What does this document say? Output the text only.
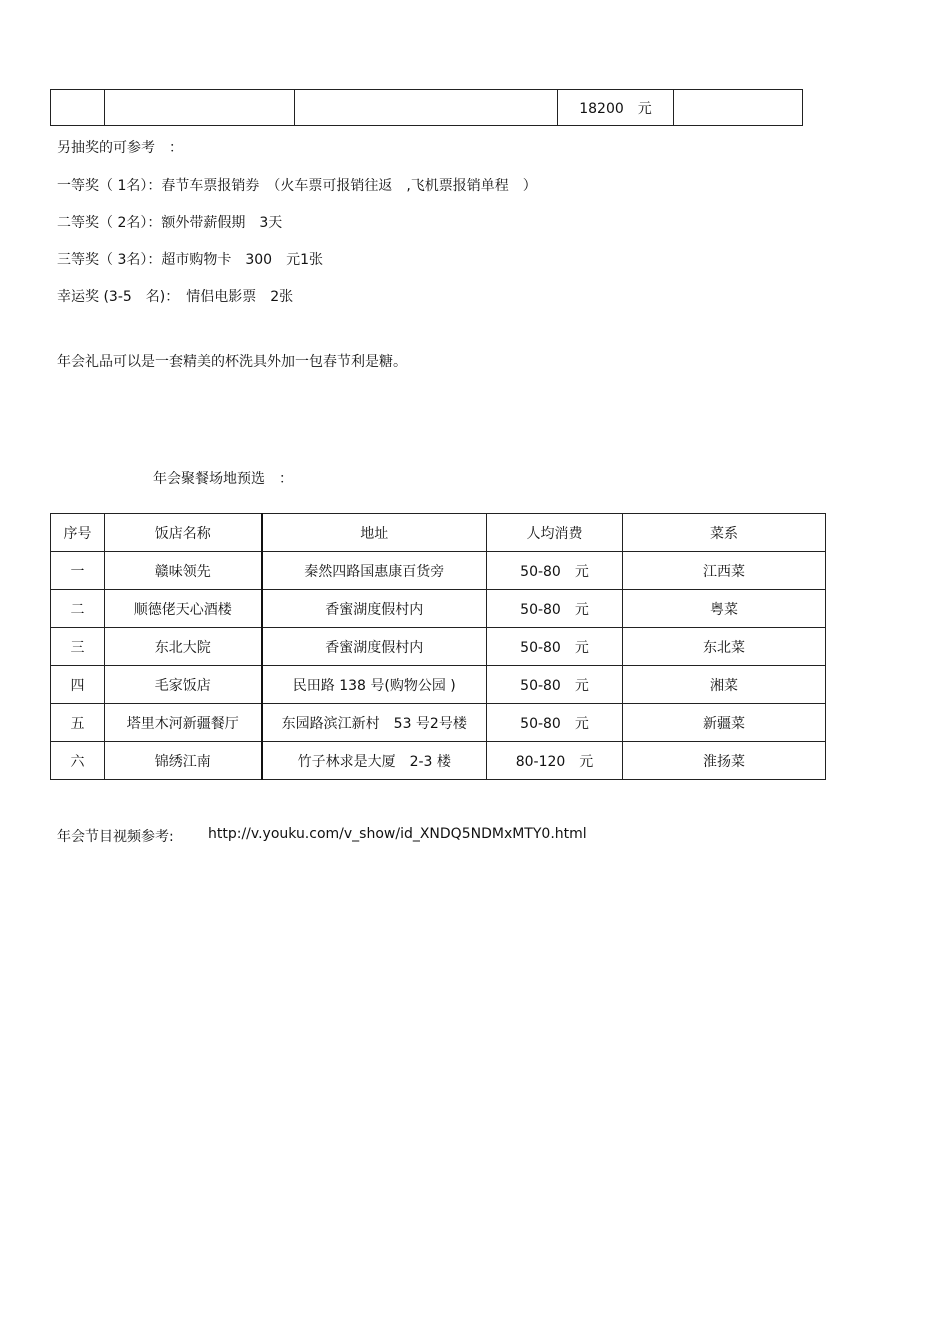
			18200　元	
另抽奖的可参考　：
一等奖（ 1名）：春节车票报销券　（火车票可报销往返　,飞机票报销单程　）
二等奖（ 2名）：额外带薪假期　3天
三等奖（ 3名）：超市购物卡　300　元1张
幸运奖 (3-5　名)：　情侣电影票　2张
年会礼品可以是一套精美的杯洗具外加一包春节利是糖。
年会聚餐场地预选　：
序号	饭店名称	地址	人均消费	菜系
一	赣味领先	秦然四路国惠康百货旁	50-80　元	江西菜
二	顺德佬天心酒楼	香蜜湖度假村内	50-80　元	粤菜
三	东北大院	香蜜湖度假村内	50-80　元	东北菜
四	毛家饭店	民田路 138 号(购物公园 )	50-80　元	湘菜
五	塔里木河新疆餐厅	东园路滨江新村　53 号2号楼	50-80　元	新疆菜
六	锦绣江南	竹子林求是大厦　2-3 楼	80-120　元	淮扬菜
年会节目视频参考: http://v.youku.com/v_show/id_XNDQ5NDMxMTY0.html
